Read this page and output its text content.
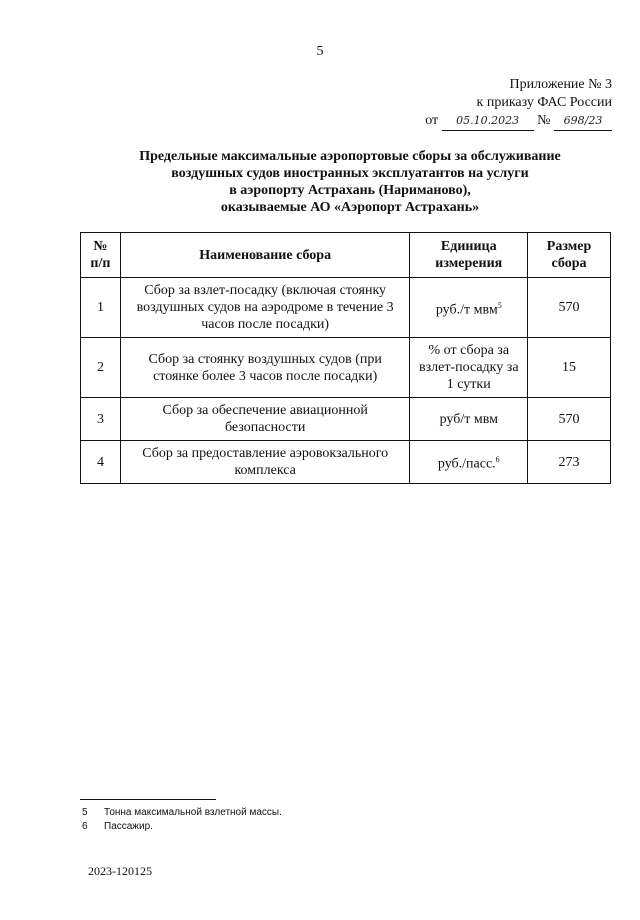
5
Приложение № 3
к приказу ФАС России
от 05.10.2023 № 698/23
Предельные максимальные аэропортовые сборы за обслуживание
воздушных судов иностранных эксплуатантов на услуги
в аэропорту Астрахань (Нариманово),
оказываемые АО «Аэропорт Астрахань»
№ п/п	Наименование сбора	Единица измерения	Размер сбора
1	Сбор за взлет-посадку (включая стоянку воздушных судов на аэродроме в течение 3 часов после посадки)	руб./т мвм$^5$	570
2	Сбор за стоянку воздушных судов (при стоянке более 3 часов после посадки)	% от сбора за взлет-посадку за 1 сутки	15
3	Сбор за обеспечение авиационной безопасности	руб/т мвм	570
4	Сбор за предоставление аэровокзального комплекса	руб./пасс.$^6$	273
5 Тонна максимальной взлетной массы.
6 Пассажир.
2023-120125
